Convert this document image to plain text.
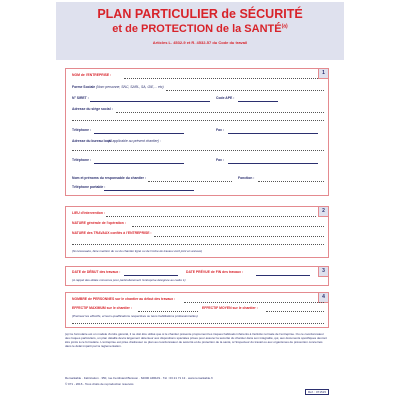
PLAN PARTICULIER de SÉCURITÉ
et de PROTECTION de la SANTÉ$^{(a)}$
Articles L. 4532-9 et R. 4532-57 du Code du travail
1
NOM de l'ENTREPRISE :
Forme Sociale (Nom personne, SNC, SARL, SA, GIE,... etc)
N° SIRET :	Code APE :
Adresse du siège social :
Téléphone :	Fax :
Adresse du bureau local
(si applicable au présent chantier) :
Téléphone :	Fax :
Nom et prénoms du responsable du chantier :	Fonction :
Téléphone portable :
2
LIEU d'intervention :
NATURE générale de l'opération :
NATURE des TRAVAUX confiés à l'ENTREPRISE :
(Si nécessaire, faire mention du ou du chantier ligné ou de l'ordre de travaux écrit joint en annexe)
3
DATE de DÉBUT des travaux :	DATE PRÉVUE de FIN des travaux :
(A rappel des délais convenus pour particulièrement l'entreprise désignée au cadre 1)
4
NOMBRE de PERSONNES sur le chantier au début des travaux :
EFFECTIF MAXIMUM sur le chantier :	EFFECTIF MOYEN sur le chantier :
(Précisez les effectifs, et leurs qualifications respectives ou leurs habilitations professionnelles)
(a) Ce formulaire est un modèle d'ordre général, il ne doit être utilisé que si le chantier présente proprement les risques habituels inhérents à l'activité normale de l'entreprise. Ou ce coordonnateur des risques particuliers, un plan détaillé devra largement détenteur aux dispositions spéciales prises pour assurer la sécurité du chantier dans son intégralité, qui, aux documents spécifiques devront être joints à ce formulaire. L'entreprise est priée d'adresser ce plan au coordonnateur de sécurité et de protection de la santé, à l'inspecteur du travail ou aux organismes de prévention concernés dans le délai imparti par la réglementation.
Remarkable · Fabrication · 350, rue Ferdinand Buisson · 62000 ARRAS · Tél : 03 21 71 13 · www.remarkable.fr
© 071 - 2016 - Tous droits de reproduction réservés
Réf. : 071515
